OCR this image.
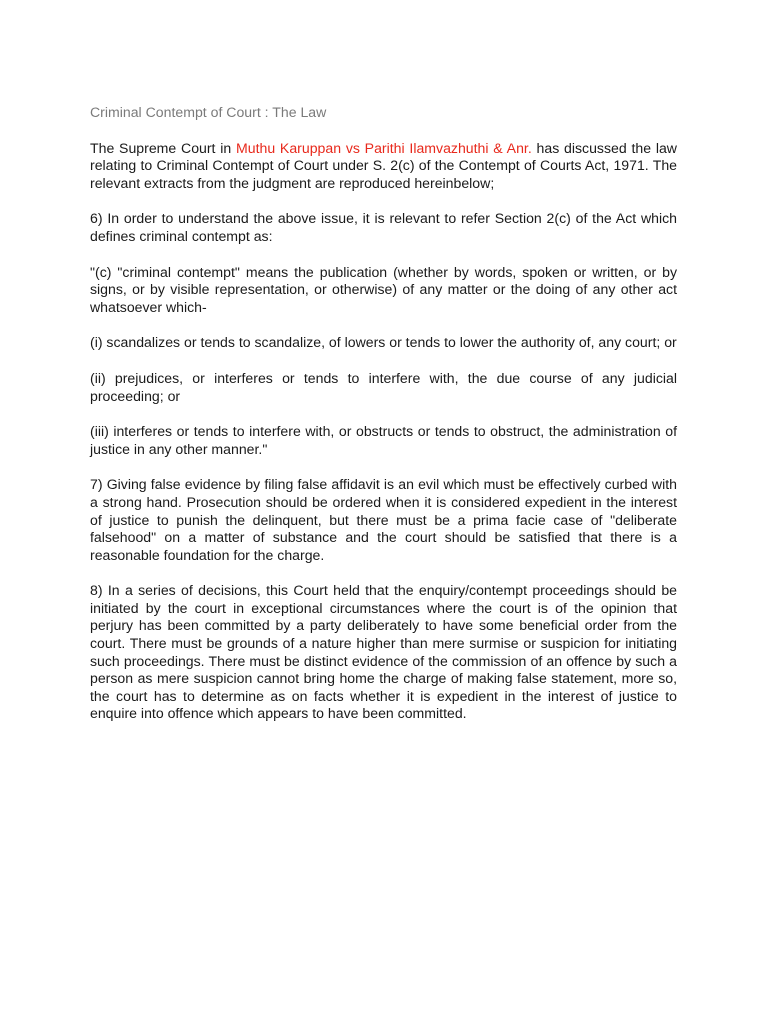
Criminal Contempt of Court : The Law

The Supreme Court in Muthu Karuppan vs Parithi Ilamvazhuthi & Anr. has discussed the law relating to Criminal Contempt of Court under S. 2(c) of the Contempt of Courts Act, 1971. The relevant extracts from the judgment are reproduced hereinbelow;

6) In order to understand the above issue, it is relevant to refer Section 2(c) of the Act which defines criminal contempt as:

"(c) "criminal contempt" means the publication (whether by words, spoken or written, or by signs, or by visible representation, or otherwise) of any matter or the doing of any other act whatsoever which-

(i) scandalizes or tends to scandalize, of lowers or tends to lower the authority of, any court; or

(ii) prejudices, or interferes or tends to interfere with, the due course of any judicial proceeding; or

(iii) interferes or tends to interfere with, or obstructs or tends to obstruct, the administration of justice in any other manner."

7) Giving false evidence by filing false affidavit is an evil which must be effectively curbed with a strong hand. Prosecution should be ordered when it is considered expedient in the interest of justice to punish the delinquent, but there must be a prima facie case of "deliberate falsehood" on a matter of substance and the court should be satisfied that there is a reasonable foundation for the charge.

8) In a series of decisions, this Court held that the enquiry/contempt proceedings should be initiated by the court in exceptional circumstances where the court is of the opinion that perjury has been committed by a party deliberately to have some beneficial order from the court. There must be grounds of a nature higher than mere surmise or suspicion for initiating such proceedings. There must be distinct evidence of the commission of an offence by such a person as mere suspicion cannot bring home the charge of making false statement, more so, the court has to determine as on facts whether it is expedient in the interest of justice to enquire into offence which appears to have been committed.
